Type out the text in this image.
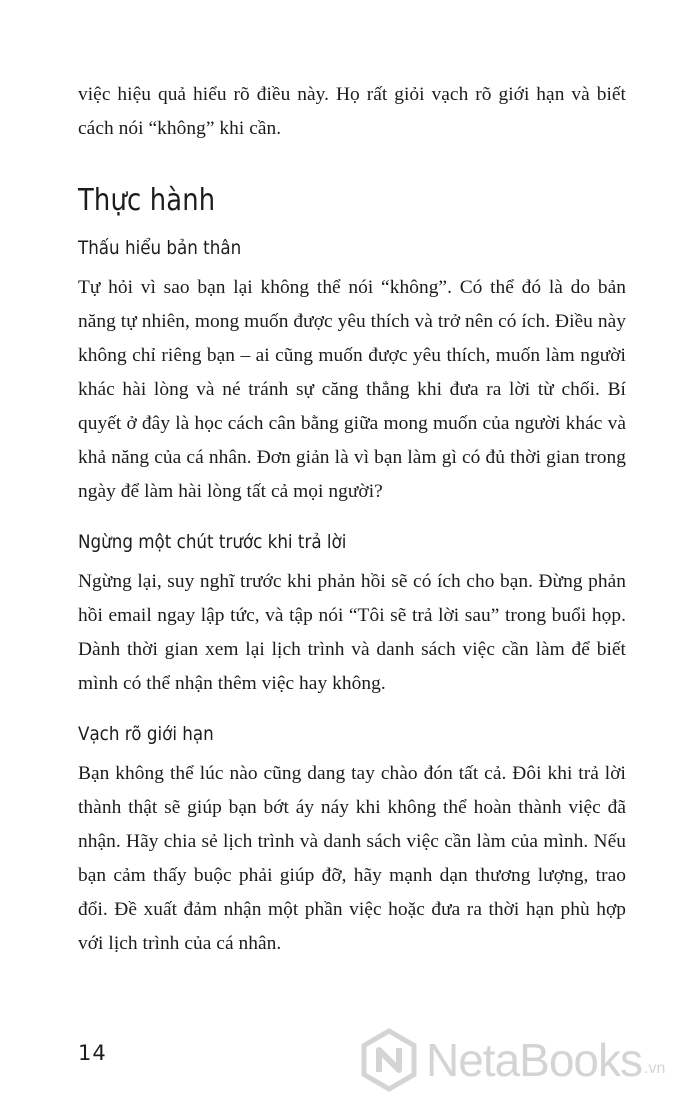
việc hiệu quả hiểu rõ điều này. Họ rất giỏi vạch rõ giới hạn và biết cách nói “không” khi cần.

Thực hành
Thấu hiểu bản thân

Tự hỏi vì sao bạn lại không thể nói “không”. Có thể đó là do bản năng tự nhiên, mong muốn được yêu thích và trở nên có ích. Điều này không chỉ riêng bạn – ai cũng muốn được yêu thích, muốn làm người khác hài lòng và né tránh sự căng thẳng khi đưa ra lời từ chối. Bí quyết ở đây là học cách cân bằng giữa mong muốn của người khác và khả năng của cá nhân. Đơn giản là vì bạn làm gì có đủ thời gian trong ngày để làm hài lòng tất cả mọi người?

Ngừng một chút trước khi trả lời

Ngừng lại, suy nghĩ trước khi phản hồi sẽ có ích cho bạn. Đừng phản hồi email ngay lập tức, và tập nói “Tôi sẽ trả lời sau” trong buổi họp. Dành thời gian xem lại lịch trình và danh sách việc cần làm để biết mình có thể nhận thêm việc hay không.

Vạch rõ giới hạn

Bạn không thể lúc nào cũng dang tay chào đón tất cả. Đôi khi trả lời thành thật sẽ giúp bạn bớt áy náy khi không thể hoàn thành việc đã nhận. Hãy chia sẻ lịch trình và danh sách việc cần làm của mình. Nếu bạn cảm thấy buộc phải giúp đỡ, hãy mạnh dạn thương lượng, trao đổi. Đề xuất đảm nhận một phần việc hoặc đưa ra thời hạn phù hợp với lịch trình của cá nhân.

14	NetaBooks .vn
